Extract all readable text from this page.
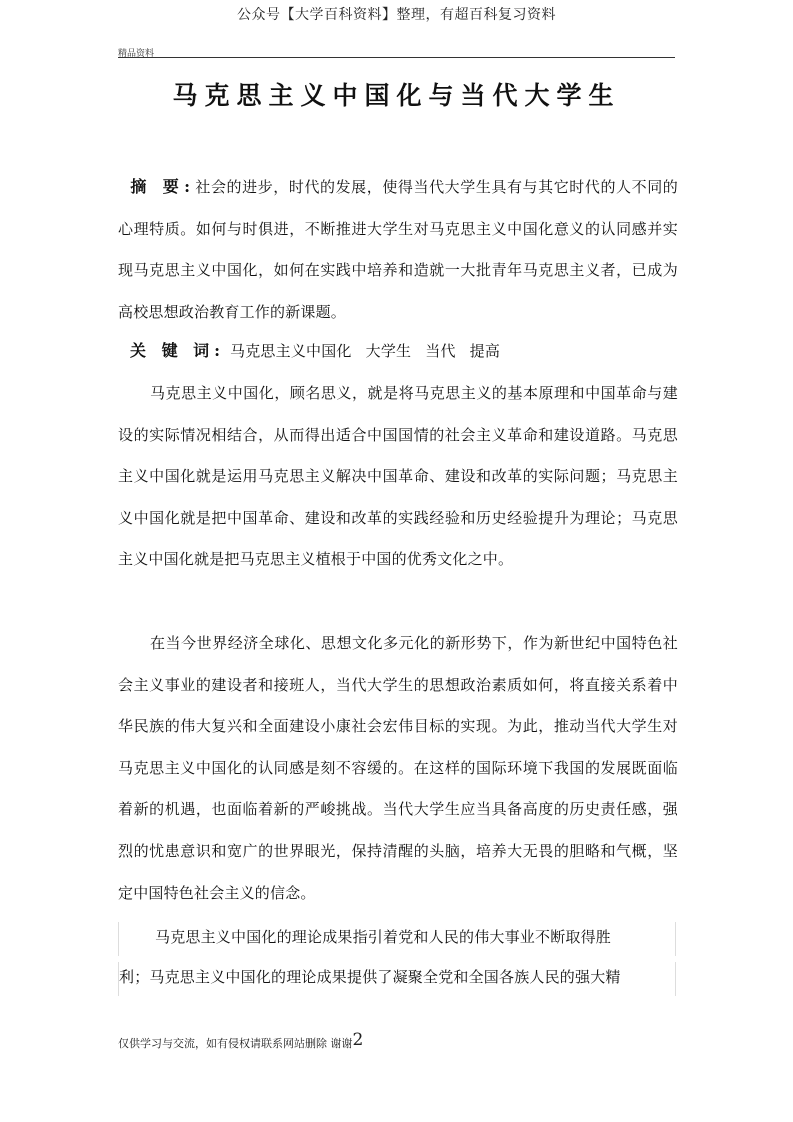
公众号【大学百科资料】整理，有超百科复习资料
精品资料
马克思主义中国化与当代大学生

摘 要:社会的进步，时代的发展，使得当代大学生具有与其它时代的人不同的心理特质。如何与时俱进，不断推进大学生对马克思主义中国化意义的认同感并实现马克思主义中国化，如何在实践中培养和造就一大批青年马克思主义者，已成为高校思想政治教育工作的新课题。

关 键 词: 马克思主义中国化 大学生 当代 提高

马克思主义中国化，顾名思义，就是将马克思主义的基本原理和中国革命与建设的实际情况相结合，从而得出适合中国国情的社会主义革命和建设道路。马克思主义中国化就是运用马克思主义解决中国革命、建设和改革的实际问题；马克思主义中国化就是把中国革命、建设和改革的实践经验和历史经验提升为理论；马克思主义中国化就是把马克思主义植根于中国的优秀文化之中。

在当今世界经济全球化、思想文化多元化的新形势下，作为新世纪中国特色社会主义事业的建设者和接班人，当代大学生的思想政治素质如何，将直接关系着中华民族的伟大复兴和全面建设小康社会宏伟目标的实现。为此，推动当代大学生对马克思主义中国化的认同感是刻不容缓的。在这样的国际环境下我国的发展既面临着新的机遇，也面临着新的严峻挑战。当代大学生应当具备高度的历史责任感，强烈的忧患意识和宽广的世界眼光，保持清醒的头脑，培养大无畏的胆略和气概，坚定中国特色社会主义的信念。

马克思主义中国化的理论成果指引着党和人民的伟大事业不断取得胜
利；马克思主义中国化的理论成果提供了凝聚全党和全国各族人民的强大精
仅供学习与交流，如有侵权请联系网站删除 谢谢2
